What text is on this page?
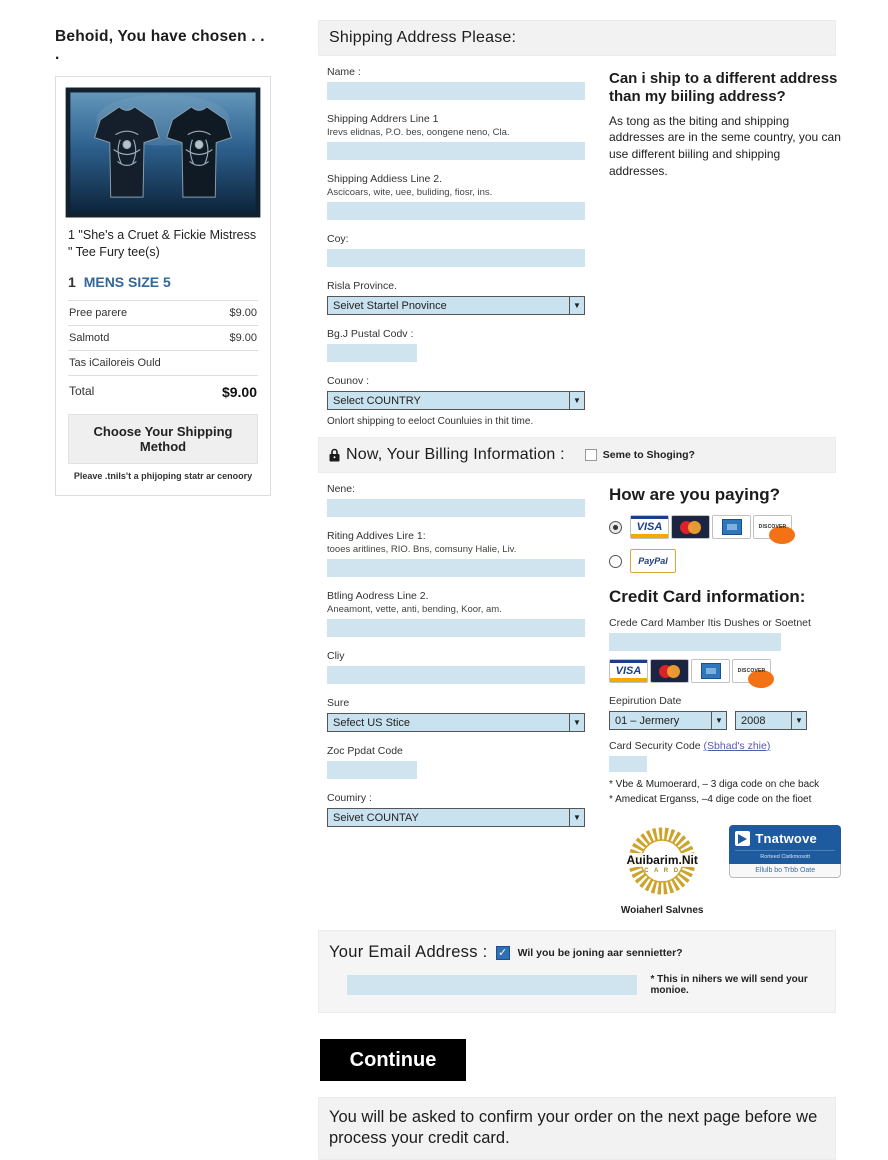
Behoid, You have chosen . . .

1 "She's a Cruet & Fickie Mistress " Tee Fury tee(s)

1 MENS SIZE 5

Pree parere	$9.00
Salmotd	$9.00
Tas iCailoreis Ould
Total	$9.00
Choose Your Shipping Method

Pleave .tnils't a phijoping statr ar cenoory

Shipping Address Please:
Name :
Shipping Addrers Line 1
Irevs elidnas, P.O. bes, oongene neno, Cla.
Shipping Addiess Line 2.
Ascicoars, wite, uee, buliding, fiosr, ins.
Coy:
Risla Province.
Seivet Startel Pnovince	▼
Bg.J Pustal Codv :
Counov :
Select COUNTRY	▼

Onlort shipping to eeloct Counluies in thit time.

Can i ship to a different address than my biiling address?

As tong as the biting and shipping addresses are in the seme country, you can use different biiling and shipping addresses.

Now, Your Billing Information :	Seme to Shoging?
Nene:
Riting Addives Lire 1:
tooes aritlines, RIO. Bns, comsuny Halie, Liv.
Btling Aodress Line 2.
Aneamont, vette, anti, bending, Koor, am.
Cliy
Sure
Sefect US Stice	▼
Zoc Ppdat Code
Coumiry :
Seivet COUNTAY	▼
How are you paying?
VISA	DISCOVER
PayPal
Credit Card information:
Crede Card Mamber Itis Dushes or Soetnet
VISA	DISCOVER
Eepirution Date
01 – Jermery	▼ 2008	▼
Card Security Code (Sbhad's zhie)

* Vbe & Mumoerard, – 3 diga code on che back

* Amedicat Erganss, –4 dige code on the fioet

Auibarim.Nit
C A R D
Woiaherl Salvnes
Tnatwove
Rorteed Cistkmosott
Ellulb bo Trbb Oate
Your Email Address : ✓ Wil you be joning aar sennietter?
* This in nihers we will send your monioe.
Continue
You will be asked to confirm your order on the next page before we process your credit card.
